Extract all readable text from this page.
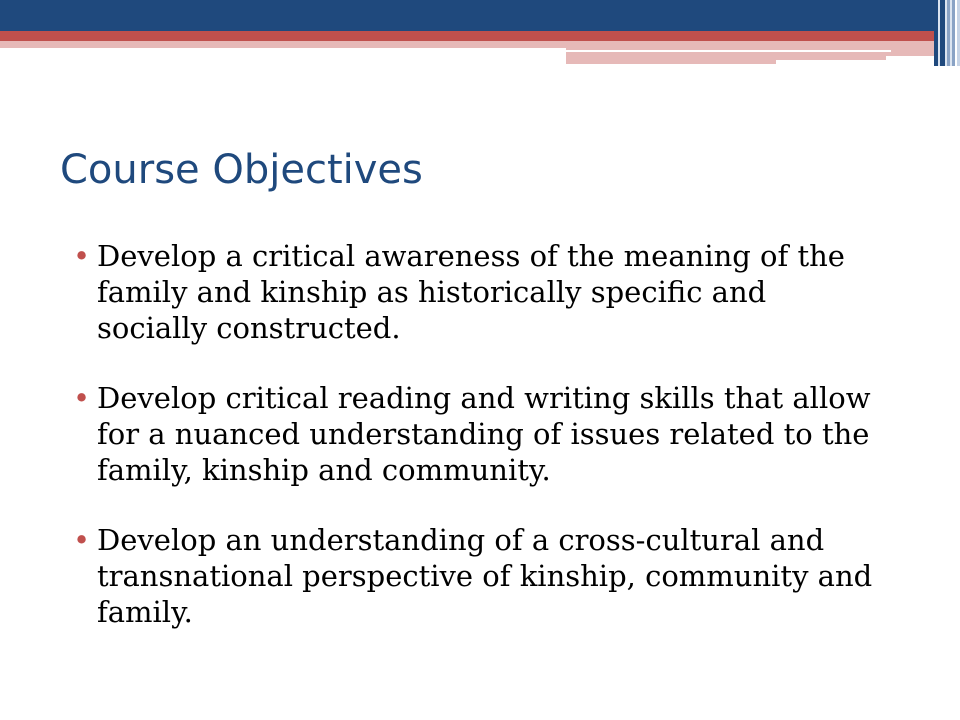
Course Objectives
• Develop a critical awareness of the meaning of the family and kinship as historically specific and socially constructed.
• Develop critical reading and writing skills that allow for a nuanced understanding of issues related to the family, kinship and community.
• Develop an understanding of a cross-cultural and transnational perspective of kinship, community and family.
